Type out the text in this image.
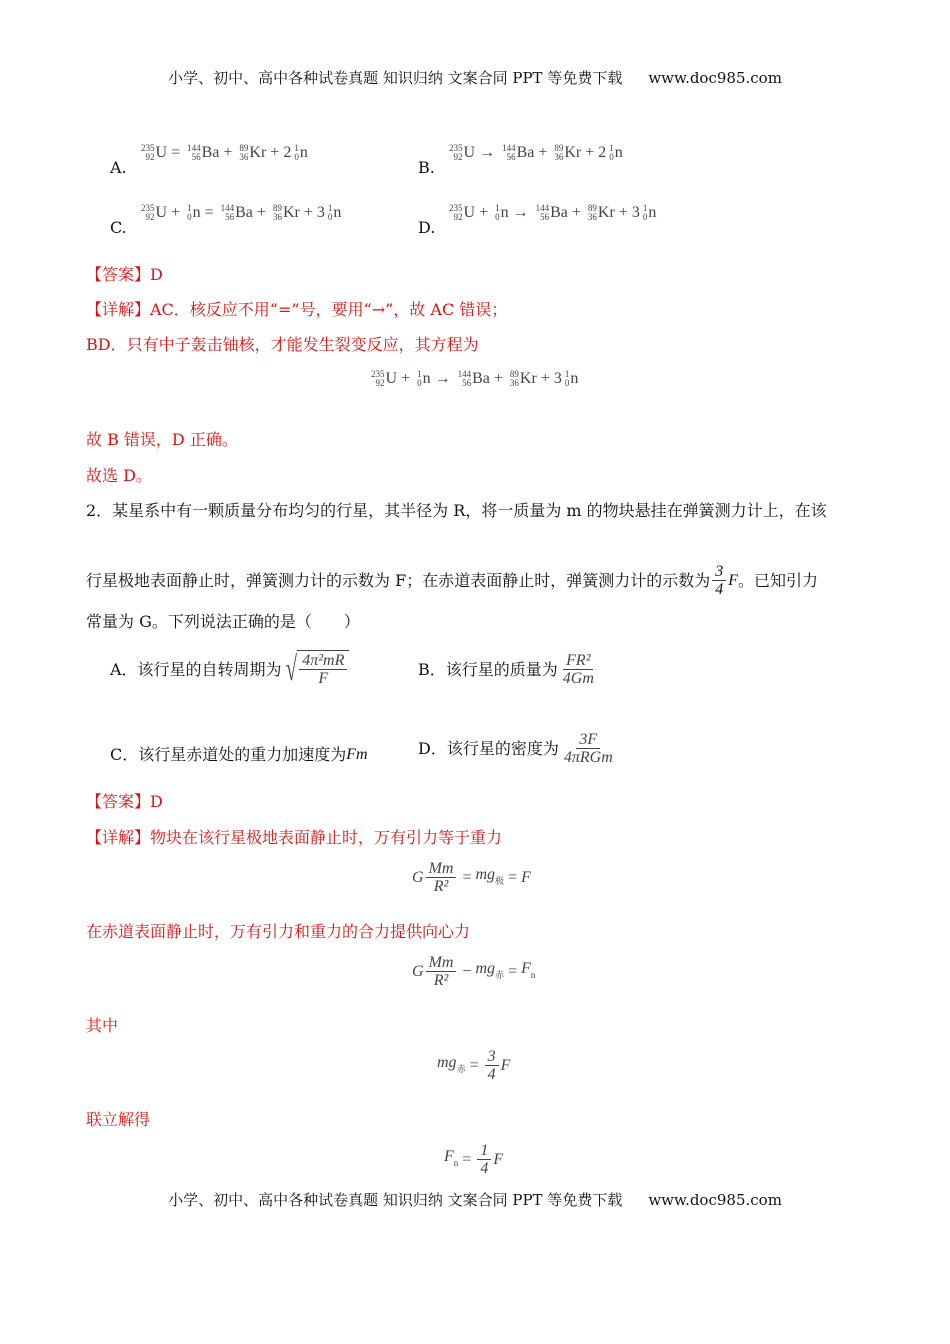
小学、初中、高中各种试卷真题 知识归纳 文案合同 PPT 等免费下载 www.doc985.com
A.
235
92 U = 144
56 Ba + 89
36 Kr + 2 1
0 n
B.
235
92 U → 144
56 Ba + 89
36 Kr + 2 1
0 n
C.
235
92 U + 1
0 n = 144
56 Ba + 89
36 Kr + 3 1
0 n
D.
235
92 U + 1
0 n → 144
56 Ba + 89
36 Kr + 3 1
0 n
【答案】D
【详解】AC．核反应不用“=”号，要用“→”，故 AC 错误；
BD．只有中子轰击铀核，才能发生裂变反应，其方程为
235
92 U + 1
0 n → 144
56 Ba + 89
36 Kr + 3 1
0 n
故 B 错误，D 正确。
故选 D。
2．某星系中有一颗质量分布均匀的行星，其半径为 R，将一质量为 m 的物块悬挂在弹簧测力计上，在该
行星极地表面静止时，弹簧测力计的示数为 F；在赤道表面静止时，弹簧测力计的示数为 $\frac{3}{4}$ F 。已知引力
常量为 G。下列说法正确的是（　　）
A．该行星的自转周期为 √ $\frac{\text{4π²mR}}{F}$	B．该行星的质量为 $\frac{\text{FR²}}{4Gm}$
C．该行星赤道处的重力加速度为 Fm	D．该行星的密度为 $\frac{3F}{\text{4πRGm}}$
【答案】D
【详解】物块在该行星极地表面静止时，万有引力等于重力
G $\frac{Mm}{\text{R²}} = mg_极 = F$
在赤道表面静止时，万有引力和重力的合力提供向心力
G $\frac{Mm}{\text{R²}} - mg_赤 = F_n$
其中
$mg_赤 = \frac{3}{4}$ F
联立解得
$F_n = \frac{1}{4}$ F
小学、初中、高中各种试卷真题 知识归纳 文案合同 PPT 等免费下载 www.doc985.com
